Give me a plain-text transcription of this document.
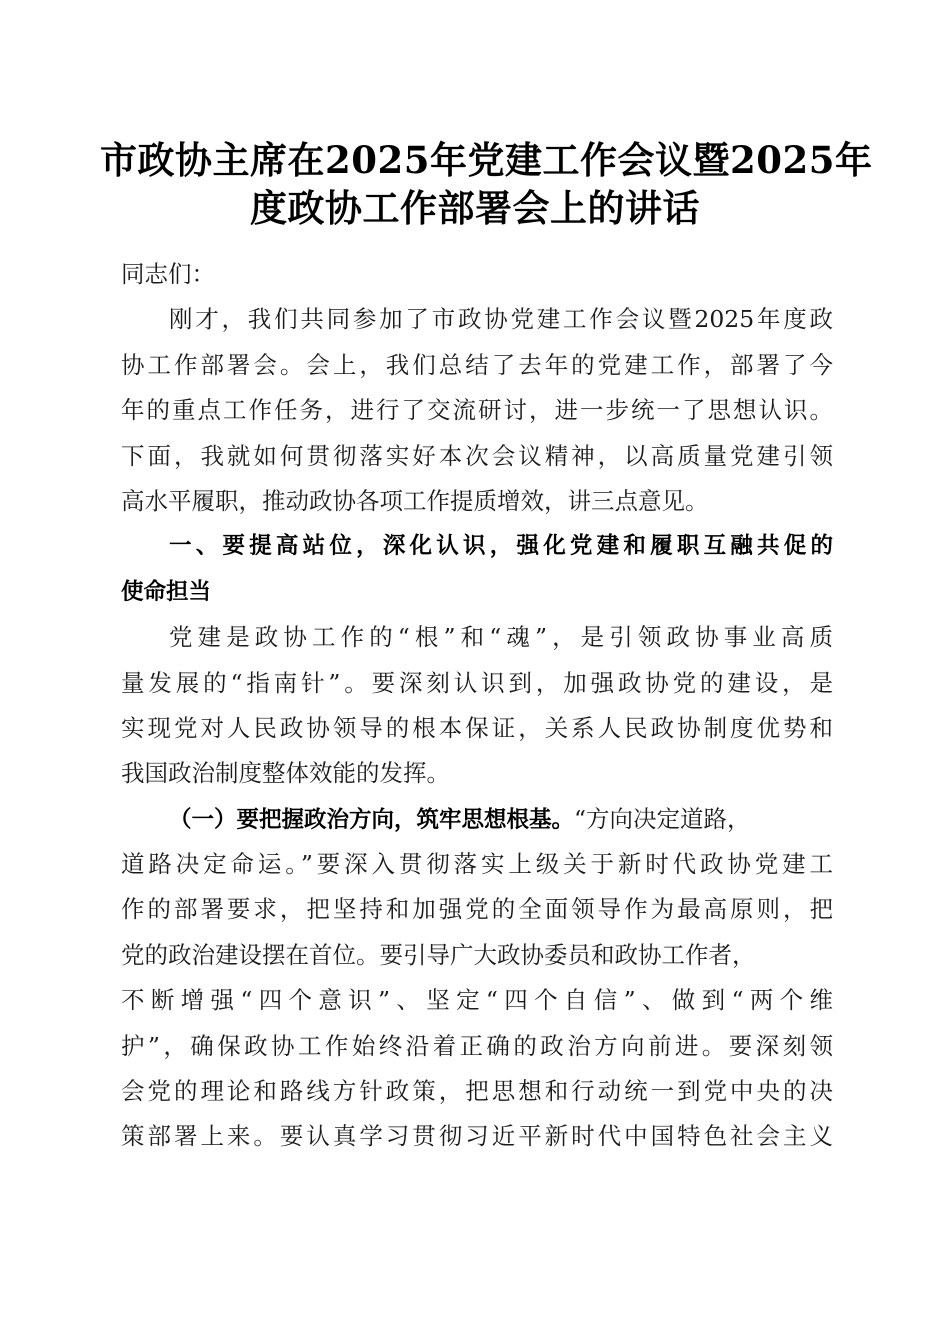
市政协主席在2025年党建工作会议暨2025年
度政协工作部署会上的讲话
同志们：
刚才，我们共同参加了市政协党建工作会议暨2025年度政
协工作部署会。会上，我们总结了去年的党建工作，部署了今
年的重点工作任务，进行了交流研讨，进一步统一了思想认识。
下面，我就如何贯彻落实好本次会议精神，以高质量党建引领
高水平履职，推动政协各项工作提质增效，讲三点意见。
一、要提高站位，深化认识，强化党建和履职互融共促的
使命担当
党建是政协工作的“根”和“魂”，是引领政协事业高质
量发展的“指南针”。要深刻认识到，加强政协党的建设，是
实现党对人民政协领导的根本保证，关系人民政协制度优势和
我国政治制度整体效能的发挥。
（一）要把握政治方向，筑牢思想根基。“方向决定道路，
道路决定命运。”要深入贯彻落实上级关于新时代政协党建工
作的部署要求，把坚持和加强党的全面领导作为最高原则，把
党的政治建设摆在首位。要引导广大政协委员和政协工作者，
不断增强“四个意识”、坚定“四个自信”、做到“两个维
护”，确保政协工作始终沿着正确的政治方向前进。要深刻领
会党的理论和路线方针政策，把思想和行动统一到党中央的决
策部署上来。要认真学习贯彻习近平新时代中国特色社会主义
